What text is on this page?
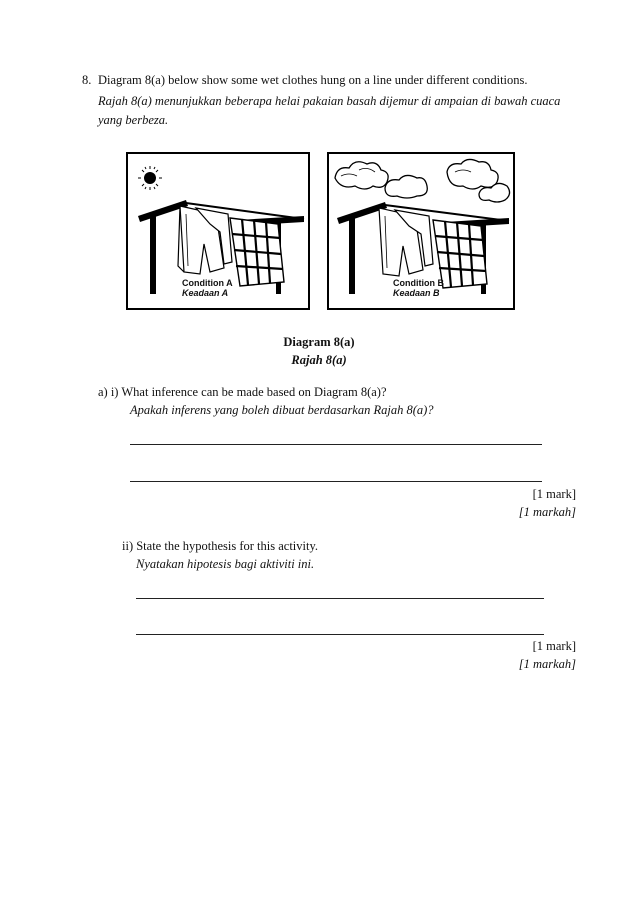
8. Diagram 8(a) below show some wet clothes hung on a line under different conditions.
Rajah 8(a) menunjukkan beberapa helai pakaian basah dijemur di ampaian di bawah cuaca
yang berbeza.
Condition A
Keadaan A
Condition B
Keadaan B
Diagram 8(a)
Rajah 8(a)
a) i) What inference can be made based on Diagram 8(a)?
Apakah inferens yang boleh dibuat berdasarkan Rajah 8(a)?
[1 mark]
[1 markah]
ii) State the hypothesis for this activity.
Nyatakan hipotesis bagi aktiviti ini.
[1 mark]
[1 markah]
